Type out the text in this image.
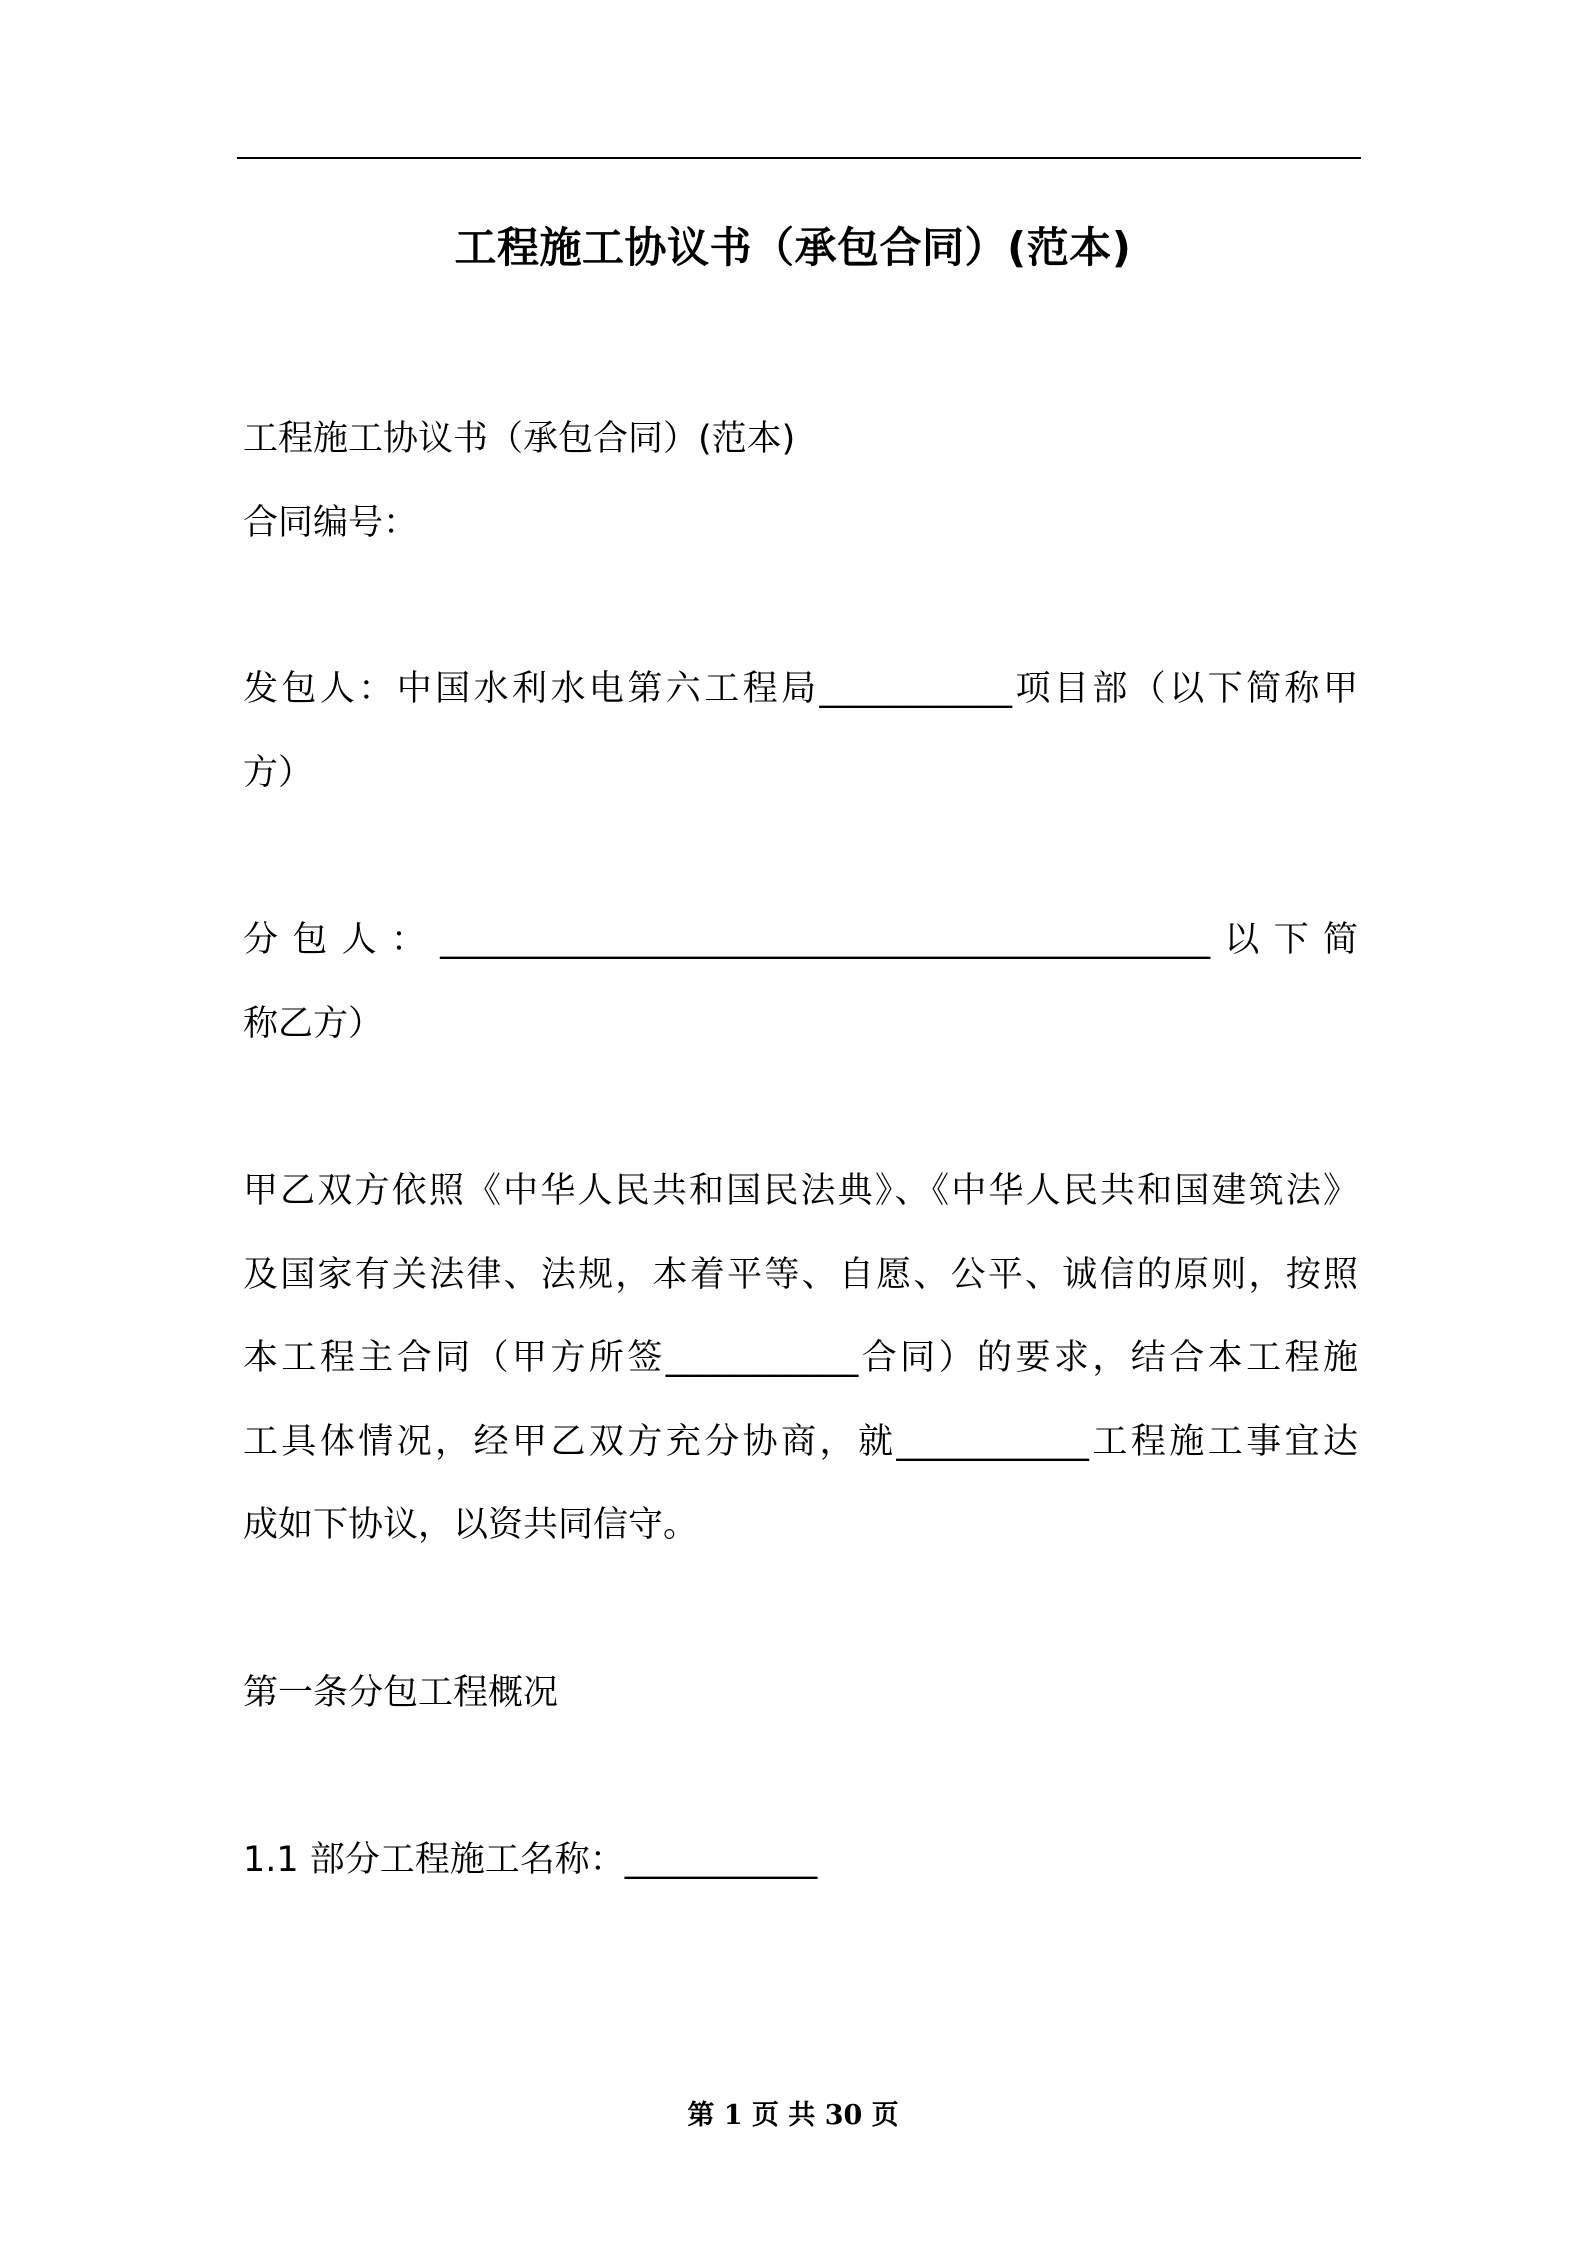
工程施工协议书（承包合同）(范本)
工程施工协议书（承包合同）(范本)
合同编号：
发包人：中国水利水电第六工程局___________项目部（以下简称甲
方）
分包人：____________________________________________以下简
称乙方）
甲乙双方依照《中华人民共和国民法典》、《中华人民共和国建筑法》
及国家有关法律、法规，本着平等、自愿、公平、诚信的原则，按照
本工程主合同（甲方所签___________合同）的要求，结合本工程施
工具体情况，经甲乙双方充分协商，就___________工程施工事宜达
成如下协议，以资共同信守。
第一条分包工程概况
1.1 部分工程施工名称：___________
第 1 页 共 30 页
